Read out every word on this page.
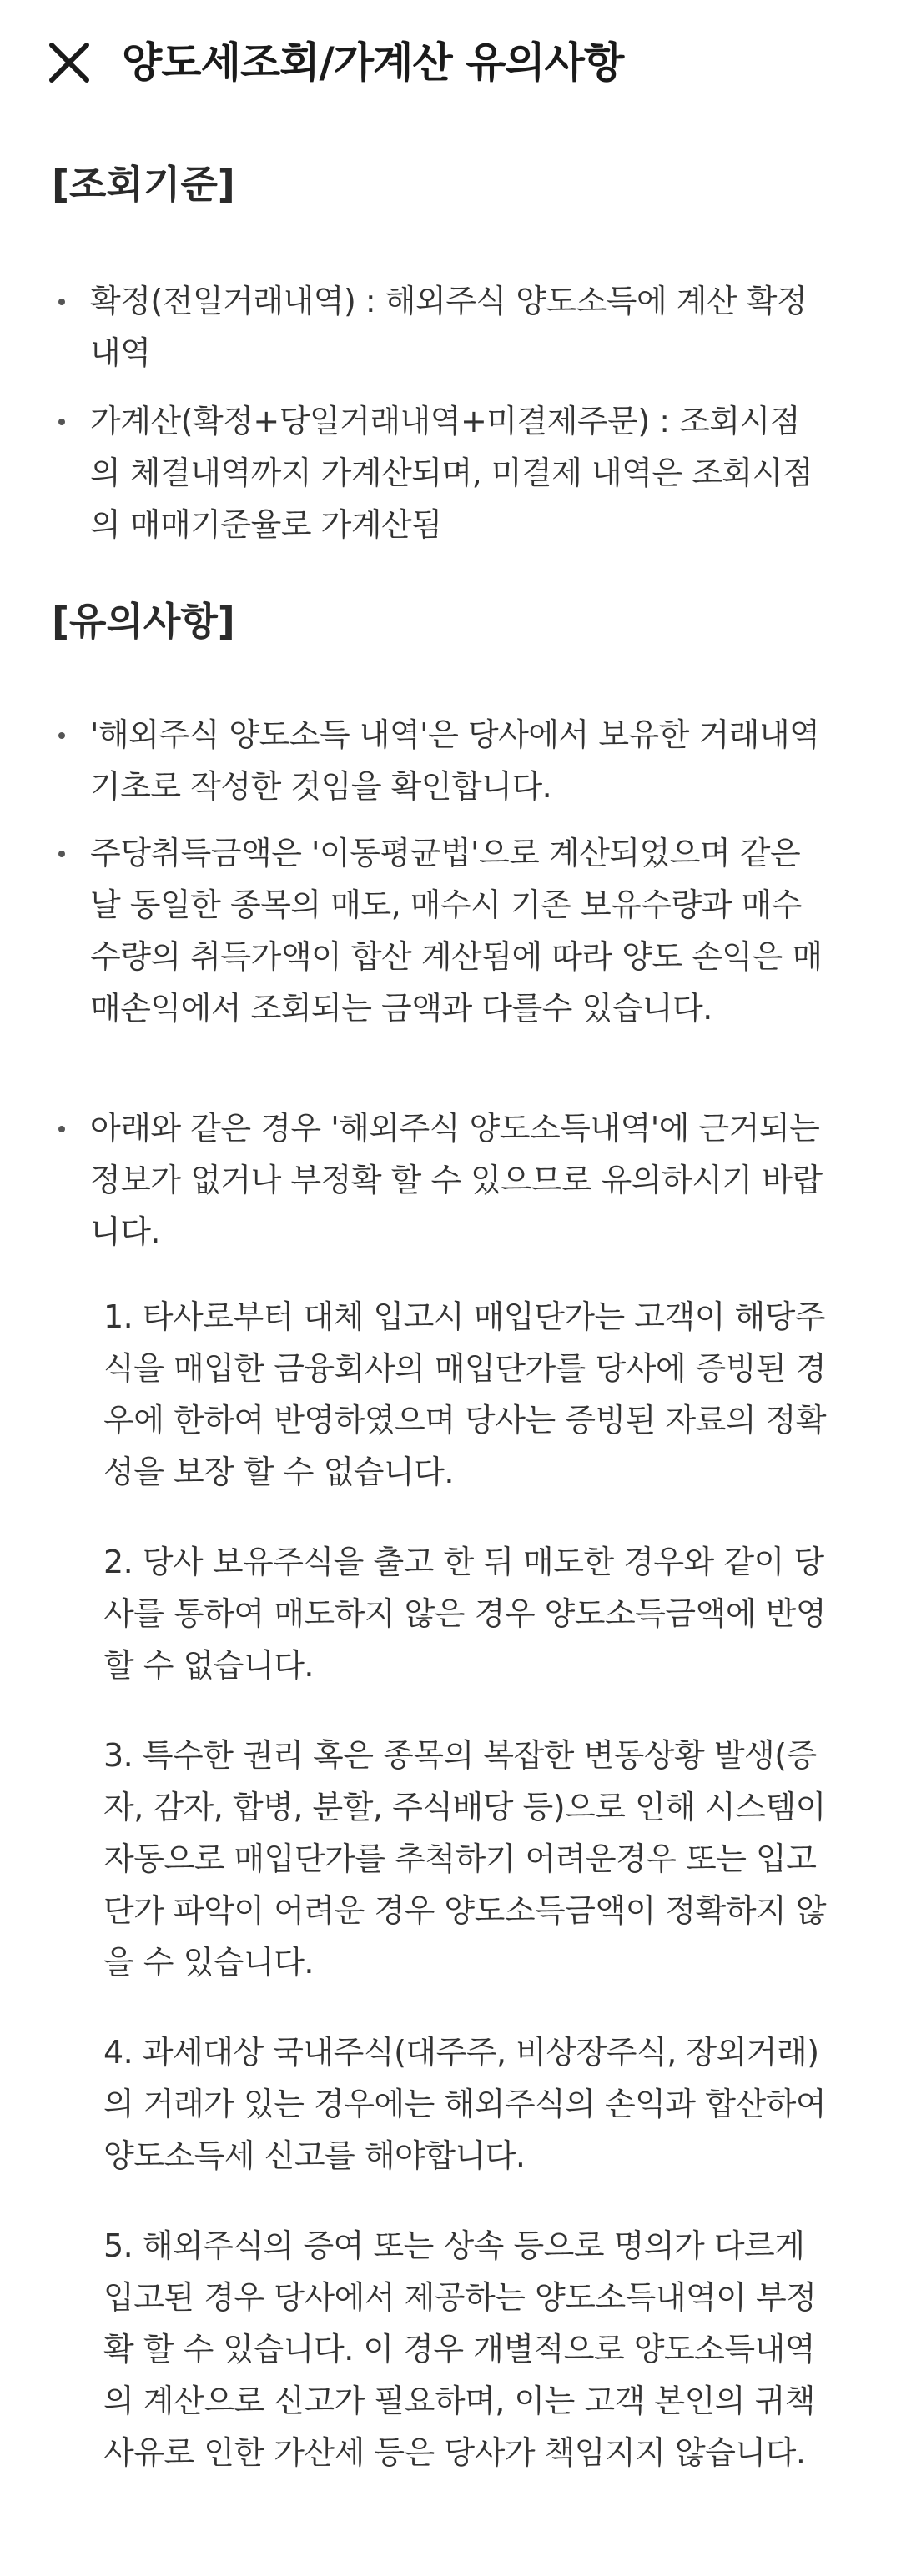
양도세조회/가계산 유의사항
[조회기준]
확정(전일거래내역) : 해외주식 양도소득에 계산 확정 내역
가계산(확정+당일거래내역+미결제주문) : 조회시점의 체결내역까지 가계산되며, 미결제 내역은 조회시점의 매매기준율로 가계산됨
[유의사항]
'해외주식 양도소득 내역'은 당사에서 보유한 거래내역 기초로 작성한 것임을 확인합니다.
주당취득금액은 '이동평균법'으로 계산되었으며 같은날 동일한 종목의 매도, 매수시 기존 보유수량과 매수수량의 취득가액이 합산 계산됨에 따라 양도 손익은 매매손익에서 조회되는 금액과 다를수 있습니다.
아래와 같은 경우 '해외주식 양도소득내역'에 근거되는 정보가 없거나 부정확 할 수 있으므로 유의하시기 바랍니다.
1. 타사로부터 대체 입고시 매입단가는 고객이 해당주식을 매입한 금융회사의 매입단가를 당사에 증빙된 경우에 한하여 반영하였으며 당사는 증빙된 자료의 정확성을 보장 할 수 없습니다.
2. 당사 보유주식을 출고 한 뒤 매도한 경우와 같이 당사를 통하여 매도하지 않은 경우 양도소득금액에 반영 할 수 없습니다.
3. 특수한 권리 혹은 종목의 복잡한 변동상황 발생(증자, 감자, 합병, 분할, 주식배당 등)으로 인해 시스템이 자동으로 매입단가를 추척하기 어려운경우 또는 입고단가 파악이 어려운 경우 양도소득금액이 정확하지 않을 수 있습니다.
4. 과세대상 국내주식(대주주, 비상장주식, 장외거래)의 거래가 있는 경우에는 해외주식의 손익과 합산하여 양도소득세 신고를 해야합니다.
5. 해외주식의 증여 또는 상속 등으로 명의가 다르게 입고된 경우 당사에서 제공하는 양도소득내역이 부정확 할 수 있습니다. 이 경우 개별적으로 양도소득내역의 계산으로 신고가 필요하며, 이는 고객 본인의 귀책사유로 인한 가산세 등은 당사가 책임지지 않습니다.
